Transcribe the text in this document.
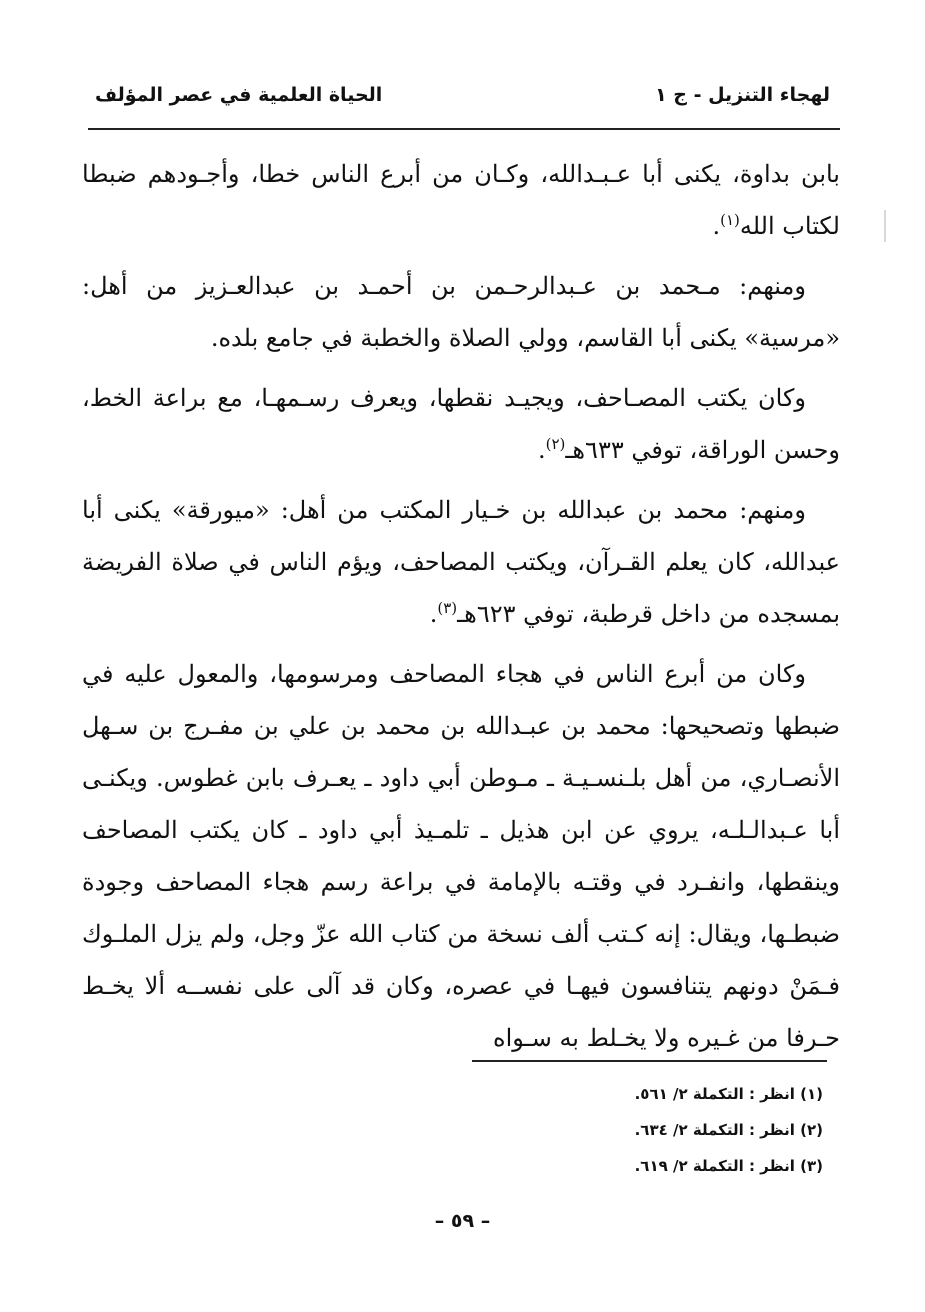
لهجاء التنزيل - ج ١
الحياة العلمية في عصر المؤلف

بابن بداوة، يكنى أبا عـبـدالله، وكـان من أبرع الناس خطا، وأجـودهم ضبطا لكتاب الله$^{(١)}$.

ومنهم: مـحمد بن عـبدالرحـمن بن أحمـد بن عبدالعـزيز من أهل: «مرسية» يكنى أبا القاسم، وولي الصلاة والخطبة في جامع بلده.

وكان يكتب المصـاحف، ويجيـد نقطها، ويعرف رسـمهـا، مع براعة الخط، وحسن الوراقة، توفي ٦٣٣هـ$^{(٢)}$.

ومنهم: محمد بن عبدالله بن خـيار المكتب من أهل: «ميورقة» يكنى أبا عبدالله، كان يعلم القـرآن، ويكتب المصاحف، ويؤم الناس في صلاة الفريضة بمسجده من داخل قرطبة، توفي ٦٢٣هـ$^{(٣)}$.

وكان من أبرع الناس في هجاء المصاحف ومرسومها، والمعول عليه في ضبطها وتصحيحها: محمد بن عبـدالله بن محمد بن علي بن مفـرج بن سـهل الأنصـاري، من أهل بلـنسـيـة ـ مـوطن أبي داود ـ يعـرف بابن غطوس. ويكنـى أبا عـبدالـلـه، يروي عن ابن هذيل ـ تلمـيذ أبي داود ـ كان يكتب المصاحف وينقطها، وانفـرد في وقتـه بالإمامة في براعة رسم هجاء المصاحف وجودة ضبطـها، ويقال: إنه كـتب ألف نسخة من كتاب الله عزّ وجل، ولم يزل الملـوك فـمَنْ دونهم يتنافسون فيهـا في عصره، وكان قد آلى على نفســه ألا يخـط حـرفا من غـيره ولا يخـلط به سـواه

(١) انظر : التكملة ٢/ ٥٦١.
(٢) انظر : التكملة ٢/ ٦٣٤.
(٣) انظر : التكملة ٢/ ٦١٩.
– ٥٩ –
